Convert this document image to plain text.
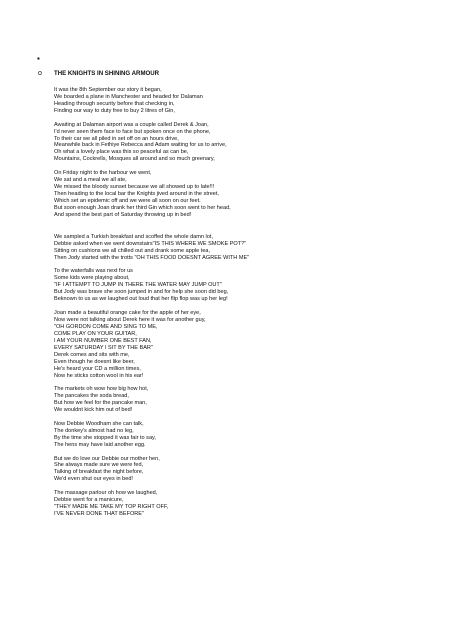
▪
o THE KNIGHTS IN SHINING ARMOUR
It was the 8th September our story it began,
We boarded a plane in Manchester and headed for Dalaman
Heading through security before that checking in,
Finding our way to duty free to buy 2 litres of Gin,
Awaiting at Dalaman airport was a couple called Derek & Joan,
I'd never seen them face to face but spoken once on the phone,
To their car we all piled in set off on an hours drive,
Meanwhile back in Fethiye Rebecca and Adam waiting for us to arrive,
Oh what a lovely place was this so peaceful as can be,
Mountains, Cockrells, Mosques all around and so much greenary,
On Friday night to the harbour we went,
We sat and a meal we all ate,
We missed the bloody sunset because we all showed up to late!!!
Then heading to the local bar the Knights jived around in the street,
Which set an epidemic off and we were all soon on our feet.
But soon enough Joan drank her third Gin which soon went to her head,
And spend the best part of Saturday throwing up in bed!
We sampled a Turkish breakfast and scoffed the whole damn lot,
Debbie asked when we went downstairs"IS THIS WHERE WE SMOKE POT?"
Sitting on cushions we all chilled out and drank some apple tea,
Then Jody started with the trotts "OH THIS FOOD DOESNT AGREE WITH ME"
To the waterfalls was next for us
Some kids were playing about,
"IF I ATTEMPT TO JUMP IN THERE THE WATER MAY JUMP OUT"
But Jody was brave she soon jumped in and for help she soon did beg,
Beknown to us as we laughed out loud that her flip flop was up her leg!
Joan made a beautiful orange cake for the apple of her eye,
Now were not talking about Derek here it was for another guy,
"OH GORDON COME AND SING TO ME,
COME PLAY ON YOUR GUITAR,
I AM YOUR NUMBER ONE BEST FAN,
EVERY SATURDAY I SIT BY THE BAR"
Derek comes and sits with me,
Even though he doesnt like beer,
He's heard your CD a million times,
Now he sticks cotton wool in his ear!
The markets oh wow how big how hot,
The pancakes the soda bread,
But how we feel for the pancake man,
We wouldnt kick him out of bed!
Now Debbie Woodham she can talk,
The donkey's almost had no leg,
By the time she stopped it was fair to say,
The hens may have laid another egg.
But we do love our Debbie our mother hen,
She always made sure we were fed,
Talking of breakfast the night before,
We'd even shut our eyes in bed!
The massage parlour oh how we laughed,
Debbie went for a manicure,
"THEY MADE ME TAKE MY TOP RIGHT OFF,
I'VE NEVER DONE THAT BEFORE"
